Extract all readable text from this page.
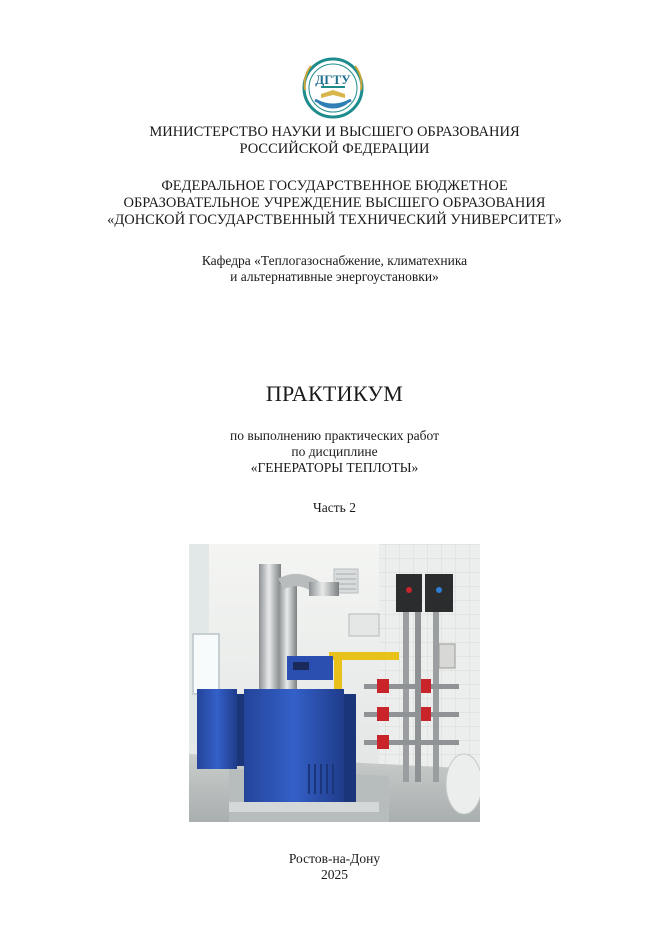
ДГТУ
МИНИСТЕРСТВО НАУКИ И ВЫСШЕГО ОБРАЗОВАНИЯ
РОССИЙСКОЙ ФЕДЕРАЦИИ
ФЕДЕРАЛЬНОЕ ГОСУДАРСТВЕННОЕ БЮДЖЕТНОЕ
ОБРАЗОВАТЕЛЬНОЕ УЧРЕЖДЕНИЕ ВЫСШЕГО ОБРАЗОВАНИЯ
«ДОНСКОЙ ГОСУДАРСТВЕННЫЙ ТЕХНИЧЕСКИЙ УНИВЕРСИТЕТ»
Кафедра «Теплогазоснабжение, климатехника
и альтернативные энергоустановки»
ПРАКТИКУМ
по выполнению практических работ
по дисциплине
«ГЕНЕРАТОРЫ ТЕПЛОТЫ»
Часть 2
Ростов-на-Дону
2025
